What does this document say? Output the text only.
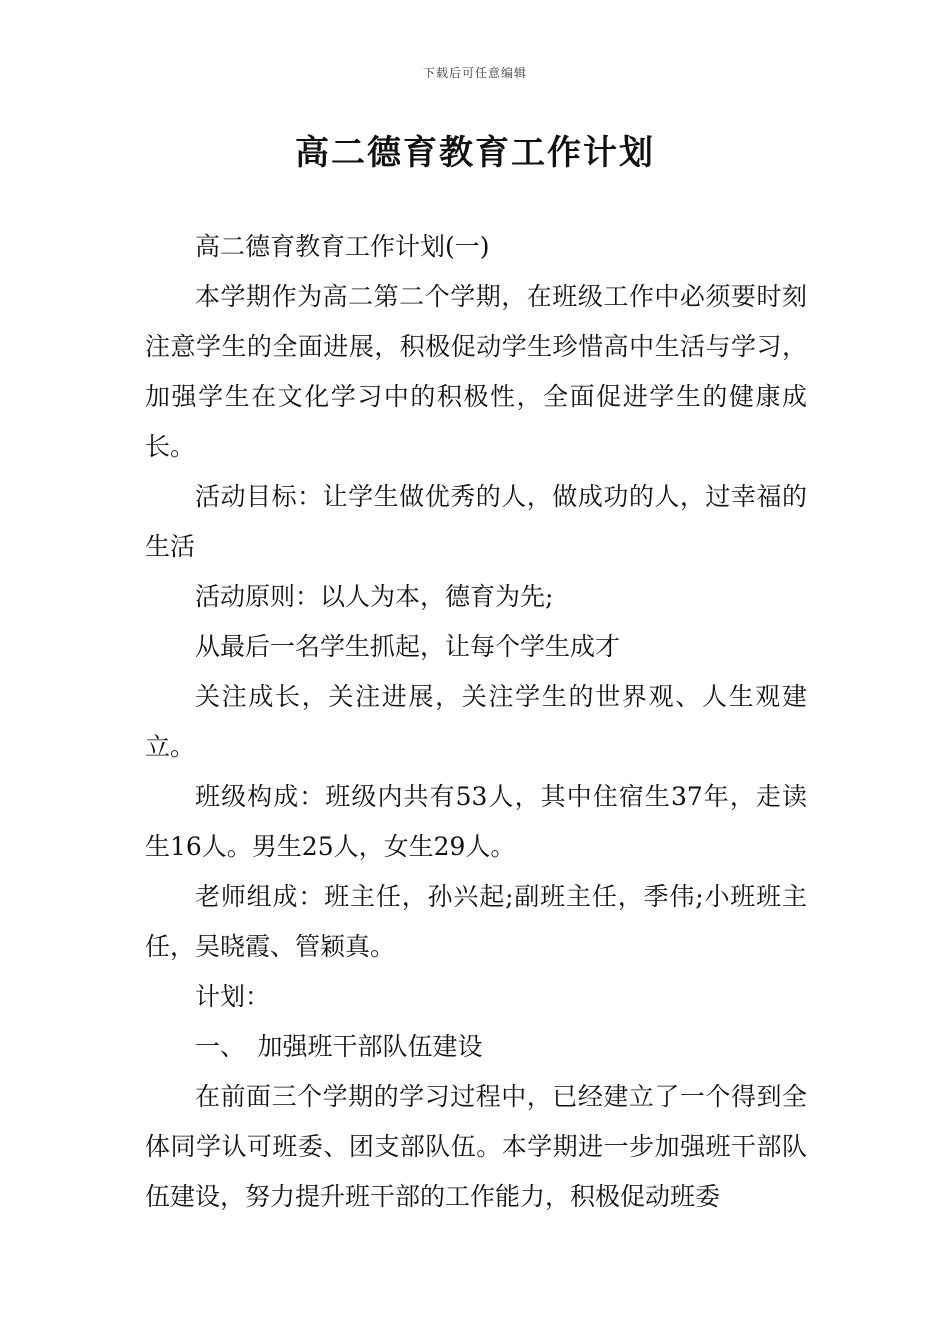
下载后可任意编辑
高二德育教育工作计划

高二德育教育工作计划(一)

本学期作为高二第二个学期，在班级工作中必须要时刻注意学生的全面进展，积极促动学生珍惜高中生活与学习，加强学生在文化学习中的积极性，全面促进学生的健康成长。

活动目标：让学生做优秀的人，做成功的人，过幸福的生活

活动原则：以人为本，德育为先;

从最后一名学生抓起，让每个学生成才

关注成长，关注进展，关注学生的世界观、人生观建立。

班级构成：班级内共有53人，其中住宿生37年，走读生16人。男生25人，女生29人。

老师组成：班主任，孙兴起;副班主任，季伟;小班班主任，吴晓霞、管颖真。

计划：

一、　加强班干部队伍建设

在前面三个学期的学习过程中，已经建立了一个得到全体同学认可班委、团支部队伍。本学期进一步加强班干部队伍建设，努力提升班干部的工作能力，积极促动班委
